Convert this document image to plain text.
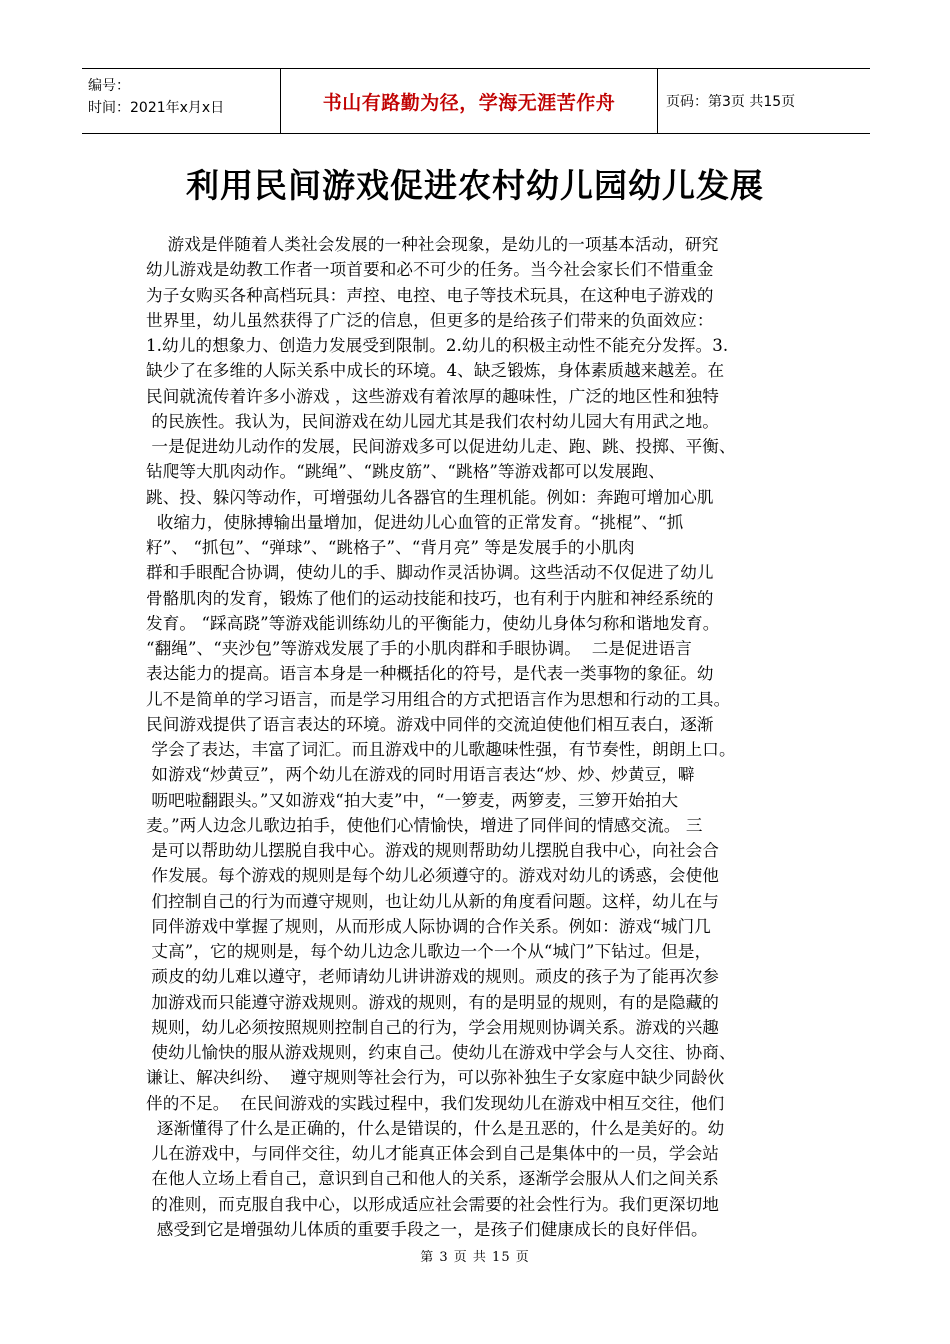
编号：
时间：2021年x月x日	书山有路勤为径，学海无涯苦作舟	页码：第3页 共15页
利用民间游戏促进农村幼儿园幼儿发展
游戏是伴随着人类社会发展的一种社会现象，是幼儿的一项基本活动，研究
幼儿游戏是幼教工作者一项首要和必不可少的任务。当今社会家长们不惜重金
为子女购买各种高档玩具：声控、电控、电子等技术玩具，在这种电子游戏的
世界里，幼儿虽然获得了广泛的信息，但更多的是给孩子们带来的负面效应：
1.幼儿的想象力、创造力发展受到限制。2.幼儿的积极主动性不能充分发挥。3.
缺少了在多维的人际关系中成长的环境。4、缺乏锻炼，身体素质越来越差。在
民间就流传着许多小游戏 ，这些游戏有着浓厚的趣味性，广泛的地区性和独特
的民族性。我认为，民间游戏在幼儿园尤其是我们农村幼儿园大有用武之地。
一是促进幼儿动作的发展，民间游戏多可以促进幼儿走、跑、跳、投掷、平衡、
钻爬等大肌肉动作。“跳绳”、“跳皮筋”、“跳格”等游戏都可以发展跑、
跳、投、躲闪等动作，可增强幼儿各器官的生理机能。例如：奔跑可增加心肌
收缩力，使脉搏输出量增加，促进幼儿心血管的正常发育。“挑棍”、“抓
籽”、 “抓包”、“弹球”、“跳格子”、“背月亮” 等是发展手的小肌肉
群和手眼配合协调，使幼儿的手、脚动作灵活协调。这些活动不仅促进了幼儿
骨骼肌肉的发育，锻炼了他们的运动技能和技巧，也有利于内脏和神经系统的
发育。 “踩高跷”等游戏能训练幼儿的平衡能力，使幼儿身体匀称和谐地发育。
“翻绳”、“夹沙包”等游戏发展了手的小肌肉群和手眼协调。  二是促进语言
表达能力的提高。语言本身是一种概括化的符号，是代表一类事物的象征。幼
儿不是简单的学习语言，而是学习用组合的方式把语言作为思想和行动的工具。
民间游戏提供了语言表达的环境。游戏中同伴的交流迫使他们相互表白，逐渐
学会了表达，丰富了词汇。而且游戏中的儿歌趣味性强，有节奏性，朗朗上口。
如游戏“炒黄豆”，两个幼儿在游戏的同时用语言表达“炒、炒、炒黄豆，噼
呖吧啦翻跟头。”又如游戏“拍大麦”中，“一箩麦，两箩麦，三箩开始拍大
麦。”两人边念儿歌边拍手，使他们心情愉快，增进了同伴间的情感交流。 三
是可以帮助幼儿摆脱自我中心。游戏的规则帮助幼儿摆脱自我中心，向社会合
作发展。每个游戏的规则是每个幼儿必须遵守的。游戏对幼儿的诱惑，会使他
们控制自己的行为而遵守规则，也让幼儿从新的角度看问题。这样，幼儿在与
同伴游戏中掌握了规则，从而形成人际协调的合作关系。例如：游戏“城门几
丈高”，它的规则是，每个幼儿边念儿歌边一个一个从“城门”下钻过。但是，
顽皮的幼儿难以遵守，老师请幼儿讲讲游戏的规则。顽皮的孩子为了能再次参
加游戏而只能遵守游戏规则。游戏的规则，有的是明显的规则，有的是隐藏的
规则，幼儿必须按照规则控制自己的行为，学会用规则协调关系。游戏的兴趣
使幼儿愉快的服从游戏规则，约束自己。使幼儿在游戏中学会与人交往、协商、
谦让、解决纠纷、  遵守规则等社会行为，可以弥补独生子女家庭中缺少同龄伙
伴的不足。  在民间游戏的实践过程中，我们发现幼儿在游戏中相互交往，他们
逐渐懂得了什么是正确的，什么是错误的，什么是丑恶的，什么是美好的。幼
儿在游戏中，与同伴交往，幼儿才能真正体会到自己是集体中的一员，学会站
在他人立场上看自己，意识到自己和他人的关系，逐渐学会服从人们之间关系
的准则，而克服自我中心，以形成适应社会需要的社会性行为。我们更深切地
感受到它是增强幼儿体质的重要手段之一，是孩子们健康成长的良好伴侣。
第 3 页 共 15 页
